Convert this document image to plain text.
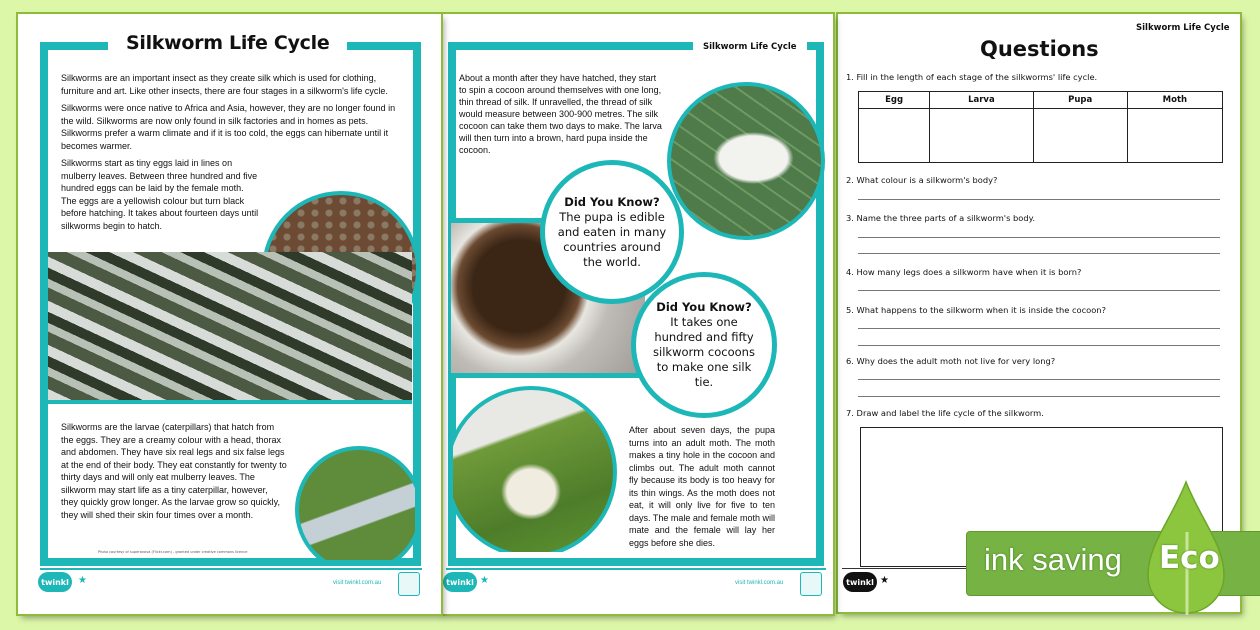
Silkworm Life Cycle
Questions
1. Fill in the length of each stage of the silkworms' life cycle.
Egg	Larva	Pupa	Moth

2. What colour is a silkworm's body?
3. Name the three parts of a silkworm's body.
4. How many legs does a silkworm have when it is born?
5. What happens to the silkworm when it is inside the cocoon?
6. Why does the adult moth not live for very long?
7. Draw and label the life cycle of the silkworm.
twinkl ★
Silkworm Life Cycle
Did You Know?
The pupa is edible and eaten in many countries around the world.
Did You Know?
It takes one hundred and fifty silkworm cocoons to make one silk tie.
About a month after they have hatched, they start to spin a cocoon around themselves with one long, thin thread of silk. If unravelled, the thread of silk would measure between 300-900 metres. The silk cocoon can take them two days to make. The larva will then turn into a brown, hard pupa inside the cocoon.
After about seven days, the pupa turns into an adult moth. The moth makes a tiny hole in the cocoon and climbs out. The adult moth cannot fly because its body is too heavy for its thin wings. As the moth does not eat, it will only live for five to ten days. The male and female moth will mate and the female will lay her eggs before she dies.
twinkl ★	visit twinkl.com.au
Silkworm Life Cycle

Silkworms are an important insect as they create silk which is used for clothing, furniture and art. Like other insects, there are four stages in a silkworm's life cycle.

Silkworms were once native to Africa and Asia, however, they are no longer found in the wild. Silkworms are now only found in silk factories and in homes as pets. Silkworms prefer a warm climate and if it is too cold, the eggs can hibernate until it becomes warmer.

Silkworms start as tiny eggs laid in lines on mulberry leaves. Between three hundred and five hundred eggs can be laid by the female moth. The eggs are a yellowish colour but turn black before hatching. It takes about fourteen days until silkworms begin to hatch.

Silkworms are the larvae (caterpillars) that hatch from the eggs. They are a creamy colour with a head, thorax and abdomen. They have six real legs and six false legs at the end of their body. They eat constantly for twenty to thirty days and will only eat mulberry leaves. The silkworm may start life as a tiny caterpillar, however, they quickly grow longer. As the larvae grow so quickly, they will shed their skin four times over a month.
Photo courtesy of superanova (Flickr.com) - granted under creative commons licence
twinkl ★	visit twinkl.com.au
ink saving Eco
